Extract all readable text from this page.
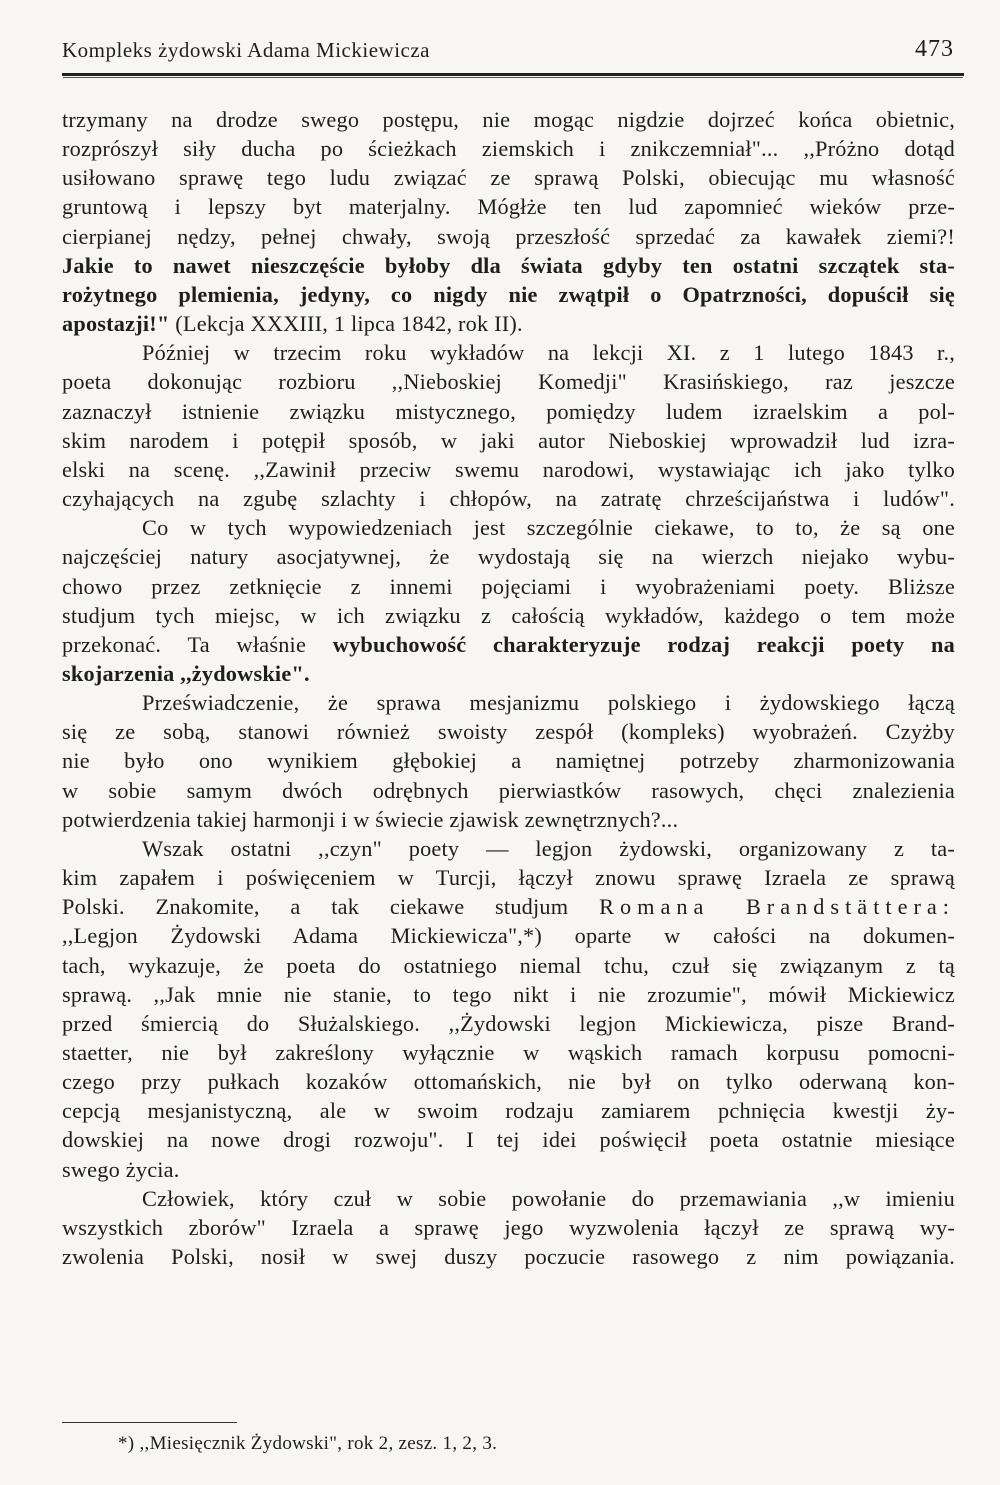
Kompleks żydowski Adama Mickiewicza	473
trzymany na drodze swego postępu, nie mogąc nigdzie dojrzeć końca obietnic,
rozprószył siły ducha po ścieżkach ziemskich i znikczemniał"... ,,Próżno dotąd
usiłowano sprawę tego ludu związać ze sprawą Polski, obiecując mu własność
gruntową i lepszy byt materjalny. Mógłże ten lud zapomnieć wieków prze-
cierpianej nędzy, pełnej chwały, swoją przeszłość sprzedać za kawałek ziemi?!
Jakie to nawet nieszczęście byłoby dla świata gdyby ten ostatni szczątek sta-
rożytnego plemienia, jedyny, co nigdy nie zwątpił o Opatrzności, dopuścił się
apostazji!" (Lekcja XXXIII, 1 lipca 1842, rok II).
Później w trzecim roku wykładów na lekcji XI. z 1 lutego 1843 r.,
poeta dokonując rozbioru ,,Nieboskiej Komedji" Krasińskiego, raz jeszcze
zaznaczył istnienie związku mistycznego, pomiędzy ludem izraelskim a pol-
skim narodem i potępił sposób, w jaki autor Nieboskiej wprowadził lud izra-
elski na scenę. ,,Zawinił przeciw swemu narodowi, wystawiając ich jako tylko
czyhających na zgubę szlachty i chłopów, na zatratę chrześcijaństwa i ludów".
Co w tych wypowiedzeniach jest szczególnie ciekawe, to to, że są one
najczęściej natury asocjatywnej, że wydostają się na wierzch niejako wybu-
chowo przez zetknięcie z innemi pojęciami i wyobrażeniami poety. Bliższe
studjum tych miejsc, w ich związku z całością wykładów, każdego o tem może
przekonać. Ta właśnie wybuchowość charakteryzuje rodzaj reakcji poety na
skojarzenia ,,żydowskie".
Przeświadczenie, że sprawa mesjanizmu polskiego i żydowskiego łączą
się ze sobą, stanowi również swoisty zespół (kompleks) wyobrażeń. Czyżby
nie było ono wynikiem głębokiej a namiętnej potrzeby zharmonizowania
w sobie samym dwóch odrębnych pierwiastków rasowych, chęci znalezienia
potwierdzenia takiej harmonji i w świecie zjawisk zewnętrznych?...
Wszak ostatni ,,czyn" poety — legjon żydowski, organizowany z ta-
kim zapałem i poświęceniem w Turcji, łączył znowu sprawę Izraela ze sprawą
Polski. Znakomite, a tak ciekawe studjum Romana Brandstättera:
,,Legjon Żydowski Adama Mickiewicza",*) oparte w całości na dokumen-
tach, wykazuje, że poeta do ostatniego niemal tchu, czuł się związanym z tą
sprawą. ,,Jak mnie nie stanie, to tego nikt i nie zrozumie", mówił Mickiewicz
przed śmiercią do Służalskiego. ,,Żydowski legjon Mickiewicza, pisze Brand-
staetter, nie był zakreślony wyłącznie w wąskich ramach korpusu pomocni-
czego przy pułkach kozaków ottomańskich, nie był on tylko oderwaną kon-
cepcją mesjanistyczną, ale w swoim rodzaju zamiarem pchnięcia kwestji ży-
dowskiej na nowe drogi rozwoju". I tej idei poświęcił poeta ostatnie miesiące
swego życia.
Człowiek, który czuł w sobie powołanie do przemawiania ,,w imieniu
wszystkich zborów" Izraela a sprawę jego wyzwolenia łączył ze sprawą wy-
zwolenia Polski, nosił w swej duszy poczucie rasowego z nim powiązania.
*) ,,Miesięcznik Żydowski", rok 2, zesz. 1, 2, 3.
